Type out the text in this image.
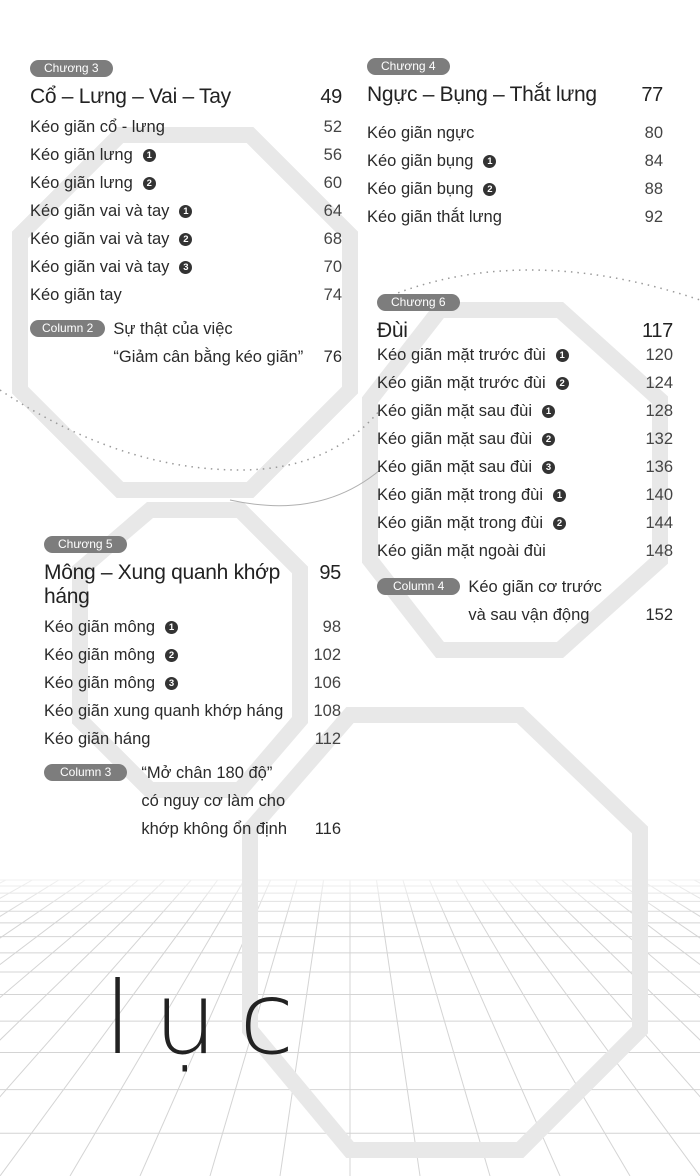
Chương 3
Cổ – Lưng – Vai – Tay	49
Kéo giãn cổ - lưng	52
Kéo giãn lưng	1	56
Kéo giãn lưng	2	60
Kéo giãn vai và tay	1	64
Kéo giãn vai và tay	2	68
Kéo giãn vai và tay	3	70
Kéo giãn tay	74
Column 2	Sự thật của việc
“Giảm cân bằng kéo giãn” 76
Chương 4
Ngực – Bụng – Thắt lưng 77
Kéo giãn ngực	80
Kéo giãn bụng	1	84
Kéo giãn bụng	2	88
Kéo giãn thắt lưng	92
Chương 6
Đùi	117
Kéo giãn mặt trước đùi	1	120
Kéo giãn mặt trước đùi	2	124
Kéo giãn mặt sau đùi	1	128
Kéo giãn mặt sau đùi	2	132
Kéo giãn mặt sau đùi	3	136
Kéo giãn mặt trong đùi	1	140
Kéo giãn mặt trong đùi	2	144
Kéo giãn mặt ngoài đùi	148
Column 4	Kéo giãn cơ trước
và sau vận động	152
Chương 5
Mông – Xung quanh khớp háng
95
Kéo giãn mông	1	98
Kéo giãn mông	2	102
Kéo giãn mông	3	106
Kéo giãn xung quanh khớp háng 108
Kéo giãn háng	112
Column 3	“Mở chân 180 độ”
có nguy cơ làm cho
khớp không ổn định 116
lục
